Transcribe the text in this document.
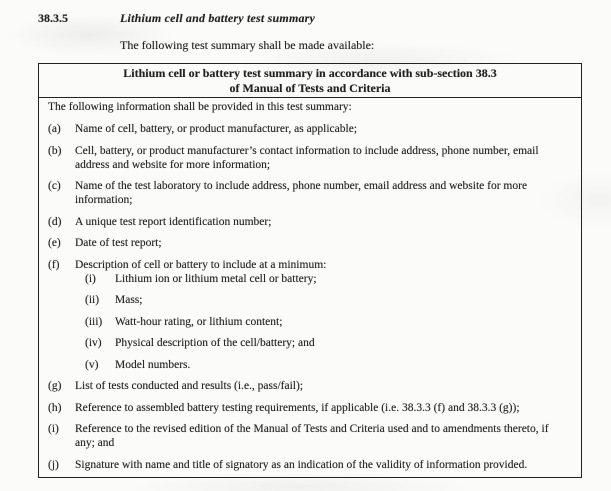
38.3.5	Lithium cell and battery test summary
The following test summary shall be made available:
Lithium cell or battery test summary in accordance with sub-section 38.3
of Manual of Tests and Criteria
The following information shall be provided in this test summary:
(a)	Name of cell, battery, or product manufacturer, as applicable;
(b)	Cell, battery, or product manufacturer’s contact information to include address, phone number, email address and website for more information;
(c)	Name of the test laboratory to include address, phone number, email address and website for more information;
(d)	A unique test report identification number;
(e)	Date of test report;
(f)	Description of cell or battery to include at a minimum:
(i)	Lithium ion or lithium metal cell or battery;
(ii)	Mass;
(iii)	Watt-hour rating, or lithium content;
(iv)	Physical description of the cell/battery; and
(v)	Model numbers.
(g)	List of tests conducted and results (i.e., pass/fail);
(h)	Reference to assembled battery testing requirements, if applicable (i.e. 38.3.3 (f) and 38.3.3 (g));
(i)	Reference to the revised edition of the Manual of Tests and Criteria used and to amendments thereto, if any; and
(j)	Signature with name and title of signatory as an indication of the validity of information provided.
